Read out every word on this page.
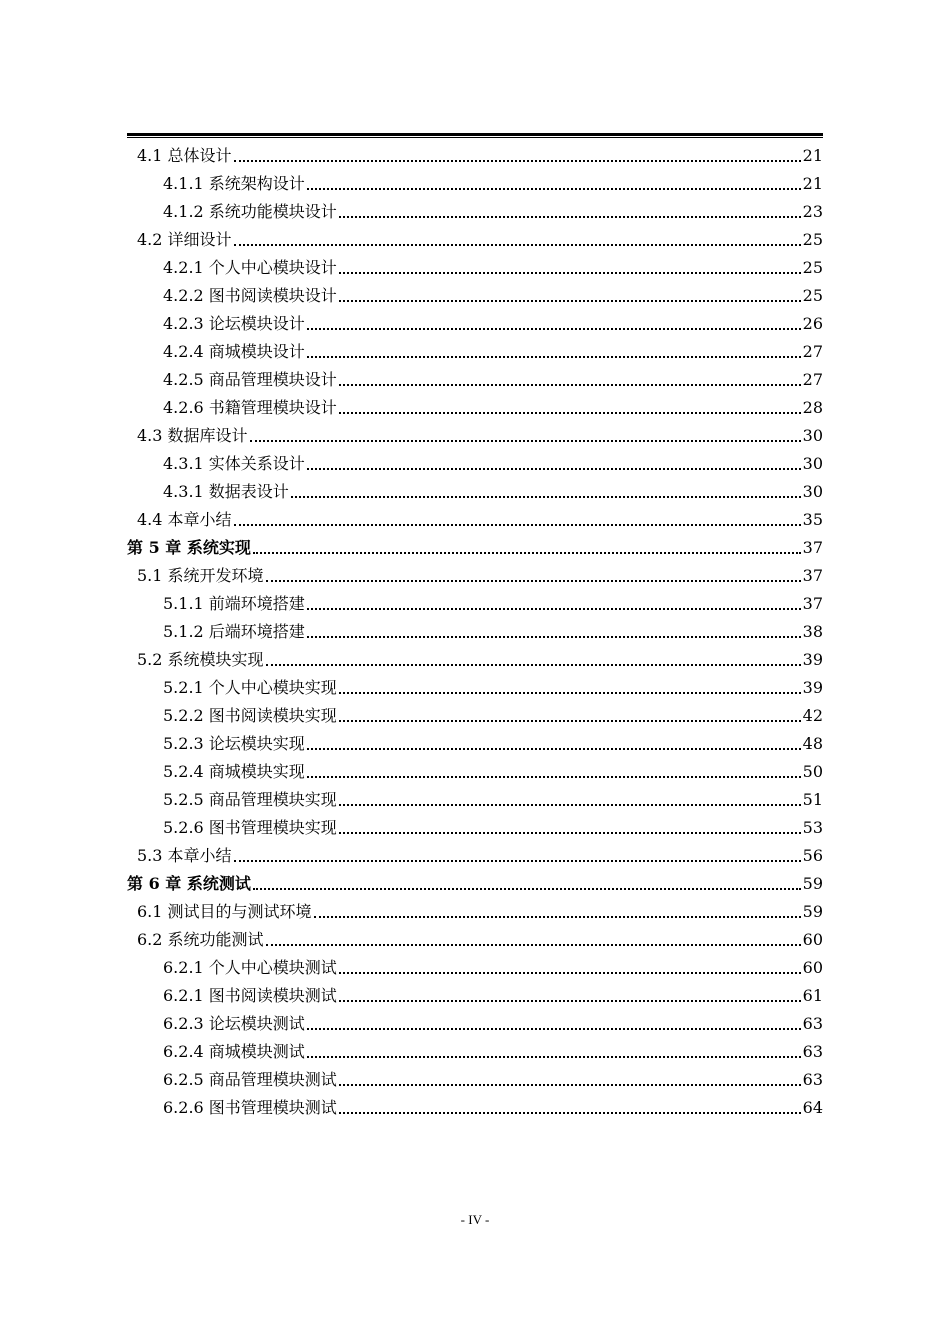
4.1 总体设计	21
4.1.1 系统架构设计	21
4.1.2 系统功能模块设计	23
4.2 详细设计	25
4.2.1 个人中心模块设计	25
4.2.2 图书阅读模块设计	25
4.2.3 论坛模块设计	26
4.2.4 商城模块设计	27
4.2.5 商品管理模块设计	27
4.2.6 书籍管理模块设计	28
4.3 数据库设计	30
4.3.1 实体关系设计	30
4.3.1 数据表设计	30
4.4 本章小结	35
第 5 章 系统实现	37
5.1 系统开发环境	37
5.1.1 前端环境搭建	37
5.1.2 后端环境搭建	38
5.2 系统模块实现	39
5.2.1 个人中心模块实现	39
5.2.2 图书阅读模块实现	42
5.2.3 论坛模块实现	48
5.2.4 商城模块实现	50
5.2.5 商品管理模块实现	51
5.2.6 图书管理模块实现	53
5.3 本章小结	56
第 6 章 系统测试	59
6.1 测试目的与测试环境	59
6.2 系统功能测试	60
6.2.1 个人中心模块测试	60
6.2.1 图书阅读模块测试	61
6.2.3 论坛模块测试	63
6.2.4 商城模块测试	63
6.2.5 商品管理模块测试	63
6.2.6 图书管理模块测试	64
- IV -
